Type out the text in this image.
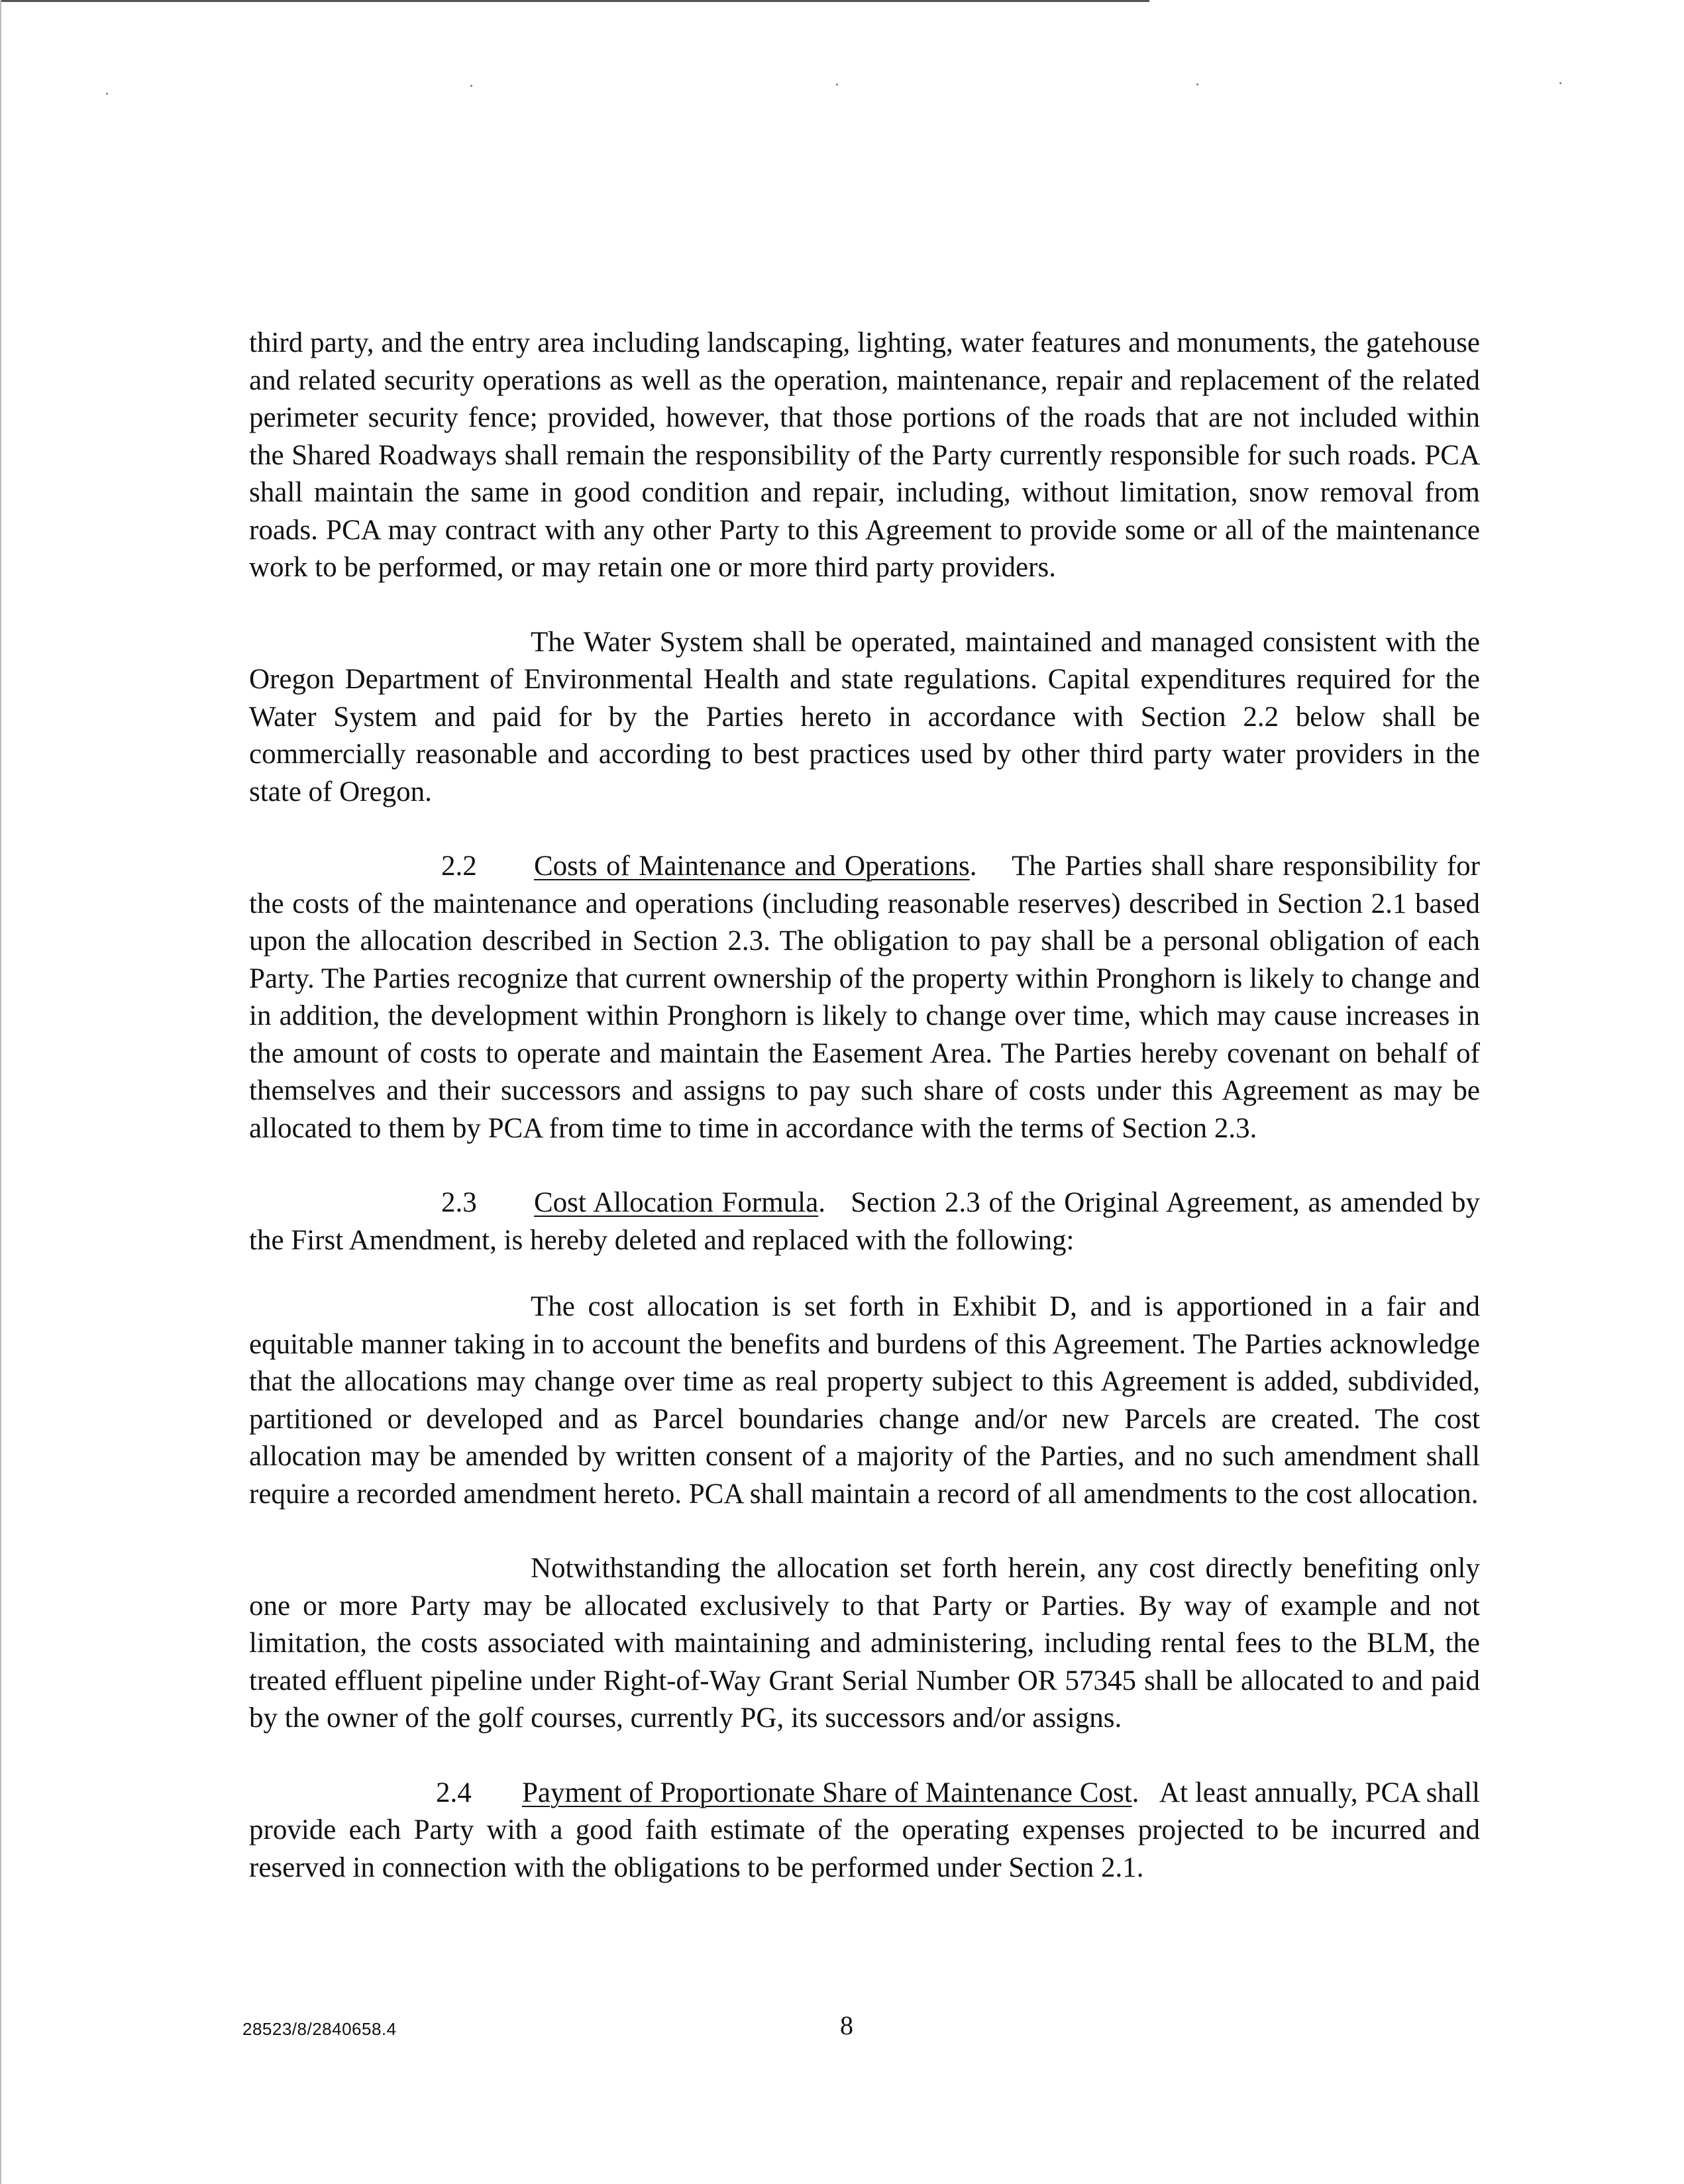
third party, and the entry area including landscaping, lighting, water features and monuments, the gatehouse and related security operations as well as the operation, maintenance, repair and replacement of the related perimeter security fence; provided, however, that those portions of the roads that are not included within the Shared Roadways shall remain the responsibility of the Party currently responsible for such roads. PCA shall maintain the same in good condition and repair, including, without limitation, snow removal from roads. PCA may contract with any other Party to this Agreement to provide some or all of the maintenance work to be performed, or may retain one or more third party providers.

The Water System shall be operated, maintained and managed consistent with the Oregon Department of Environmental Health and state regulations. Capital expenditures required for the Water System and paid for by the Parties hereto in accordance with Section 2.2 below shall be commercially reasonable and according to best practices used by other third party water providers in the state of Oregon.

2.2 Costs of Maintenance and Operations.    The Parties shall share responsibility for the costs of the maintenance and operations (including reasonable reserves) described in Section 2.1 based upon the allocation described in Section 2.3. The obligation to pay shall be a personal obligation of each Party. The Parties recognize that current ownership of the property within Pronghorn is likely to change and in addition, the development within Pronghorn is likely to change over time, which may cause increases in the amount of costs to operate and maintain the Easement Area. The Parties hereby covenant on behalf of themselves and their successors and assigns to pay such share of costs under this Agreement as may be allocated to them by PCA from time to time in accordance with the terms of Section 2.3.

2.3 Cost Allocation Formula.   Section 2.3 of the Original Agreement, as amended by the First Amendment, is hereby deleted and replaced with the following:

The cost allocation is set forth in Exhibit D, and is apportioned in a fair and equitable manner taking in to account the benefits and burdens of this Agreement. The Parties acknowledge that the allocations may change over time as real property subject to this Agreement is added, subdivided, partitioned or developed and as Parcel boundaries change and/or new Parcels are created. The cost allocation may be amended by written consent of a majority of the Parties, and no such amendment shall require a recorded amendment hereto. PCA shall maintain a record of all amendments to the cost allocation.

Notwithstanding the allocation set forth herein, any cost directly benefiting only one or more Party may be allocated exclusively to that Party or Parties. By way of example and not limitation, the costs associated with maintaining and administering, including rental fees to the BLM, the treated effluent pipeline under Right-of-Way Grant Serial Number OR 57345 shall be allocated to and paid by the owner of the golf courses, currently PG, its successors and/or assigns.

2.4 Payment of Proportionate Share of Maintenance Cost.   At least annually, PCA shall provide each Party with a good faith estimate of the operating expenses projected to be incurred and reserved in connection with the obligations to be performed under Section 2.1.

28523/8/2840658.4	8
